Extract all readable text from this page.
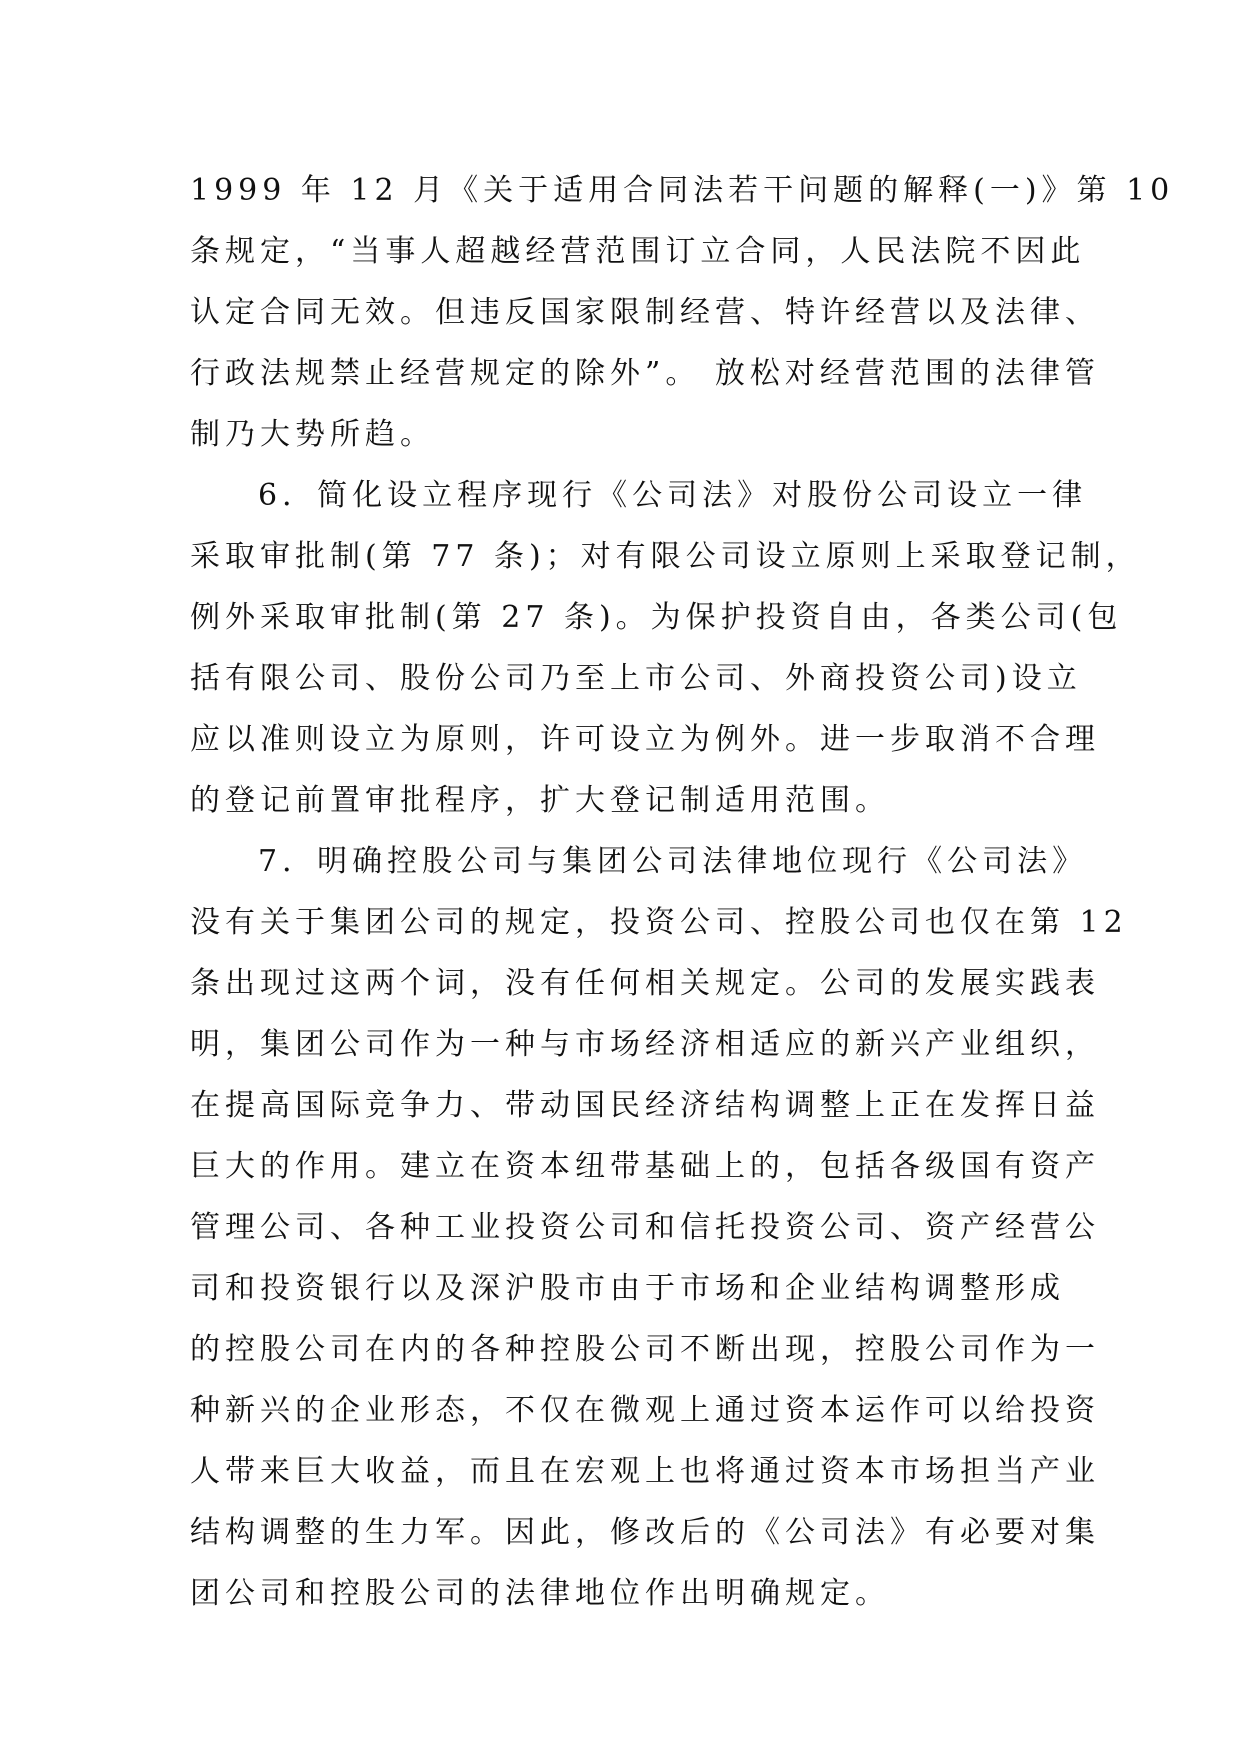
1999 年 12 月《关于适用合同法若干问题的解释(一)》第 10
条规定，“当事人超越经营范围订立合同，人民法院不因此
认定合同无效。但违反国家限制经营、特许经营以及法律、
行政法规禁止经营规定的除外”。 放松对经营范围的法律管
制乃大势所趋。
6．简化设立程序现行《公司法》对股份公司设立一律
采取审批制(第 77 条)；对有限公司设立原则上采取登记制，
例外采取审批制(第 27 条)。为保护投资自由，各类公司(包
括有限公司、股份公司乃至上市公司、外商投资公司)设立
应以准则设立为原则，许可设立为例外。进一步取消不合理
的登记前置审批程序，扩大登记制适用范围。
7．明确控股公司与集团公司法律地位现行《公司法》
没有关于集团公司的规定，投资公司、控股公司也仅在第 12
条出现过这两个词，没有任何相关规定。公司的发展实践表
明，集团公司作为一种与市场经济相适应的新兴产业组织，
在提高国际竞争力、带动国民经济结构调整上正在发挥日益
巨大的作用。建立在资本纽带基础上的，包括各级国有资产
管理公司、各种工业投资公司和信托投资公司、资产经营公
司和投资银行以及深沪股市由于市场和企业结构调整形成
的控股公司在内的各种控股公司不断出现，控股公司作为一
种新兴的企业形态，不仅在微观上通过资本运作可以给投资
人带来巨大收益，而且在宏观上也将通过资本市场担当产业
结构调整的生力军。因此，修改后的《公司法》有必要对集
团公司和控股公司的法律地位作出明确规定。
